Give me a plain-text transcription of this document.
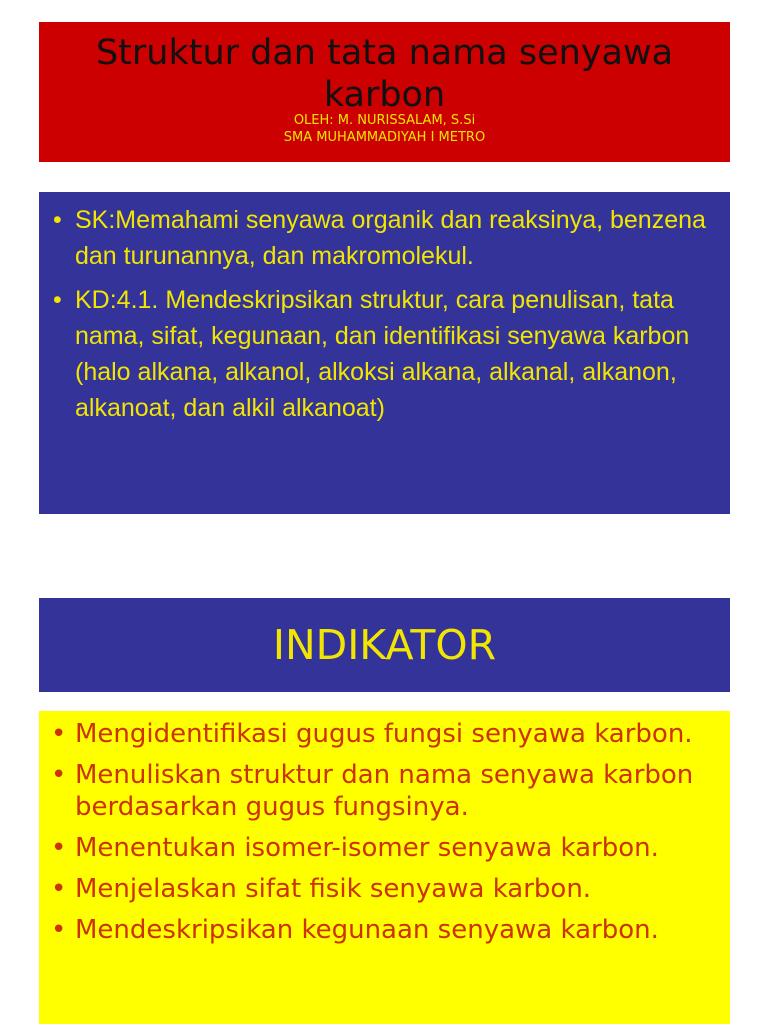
Struktur dan tata nama senyawa karbon
OLEH: M. NURISSALAM, S.Si
SMA MUHAMMADIYAH I METRO
• SK:Memahami senyawa organik dan reaksinya, benzena dan turunannya, dan makromolekul.
• KD:4.1. Mendeskripsikan struktur, cara penulisan, tata nama, sifat, kegunaan, dan identifikasi senyawa karbon (halo alkana, alkanol, alkoksi alkana, alkanal, alkanon, alkanoat, dan alkil alkanoat)
INDIKATOR
• Mengidentifikasi gugus fungsi senyawa karbon.
• Menuliskan struktur dan nama senyawa karbon berdasarkan gugus fungsinya.
• Menentukan isomer-isomer senyawa karbon.
• Menjelaskan sifat fisik senyawa karbon.
• Mendeskripsikan kegunaan senyawa karbon.
